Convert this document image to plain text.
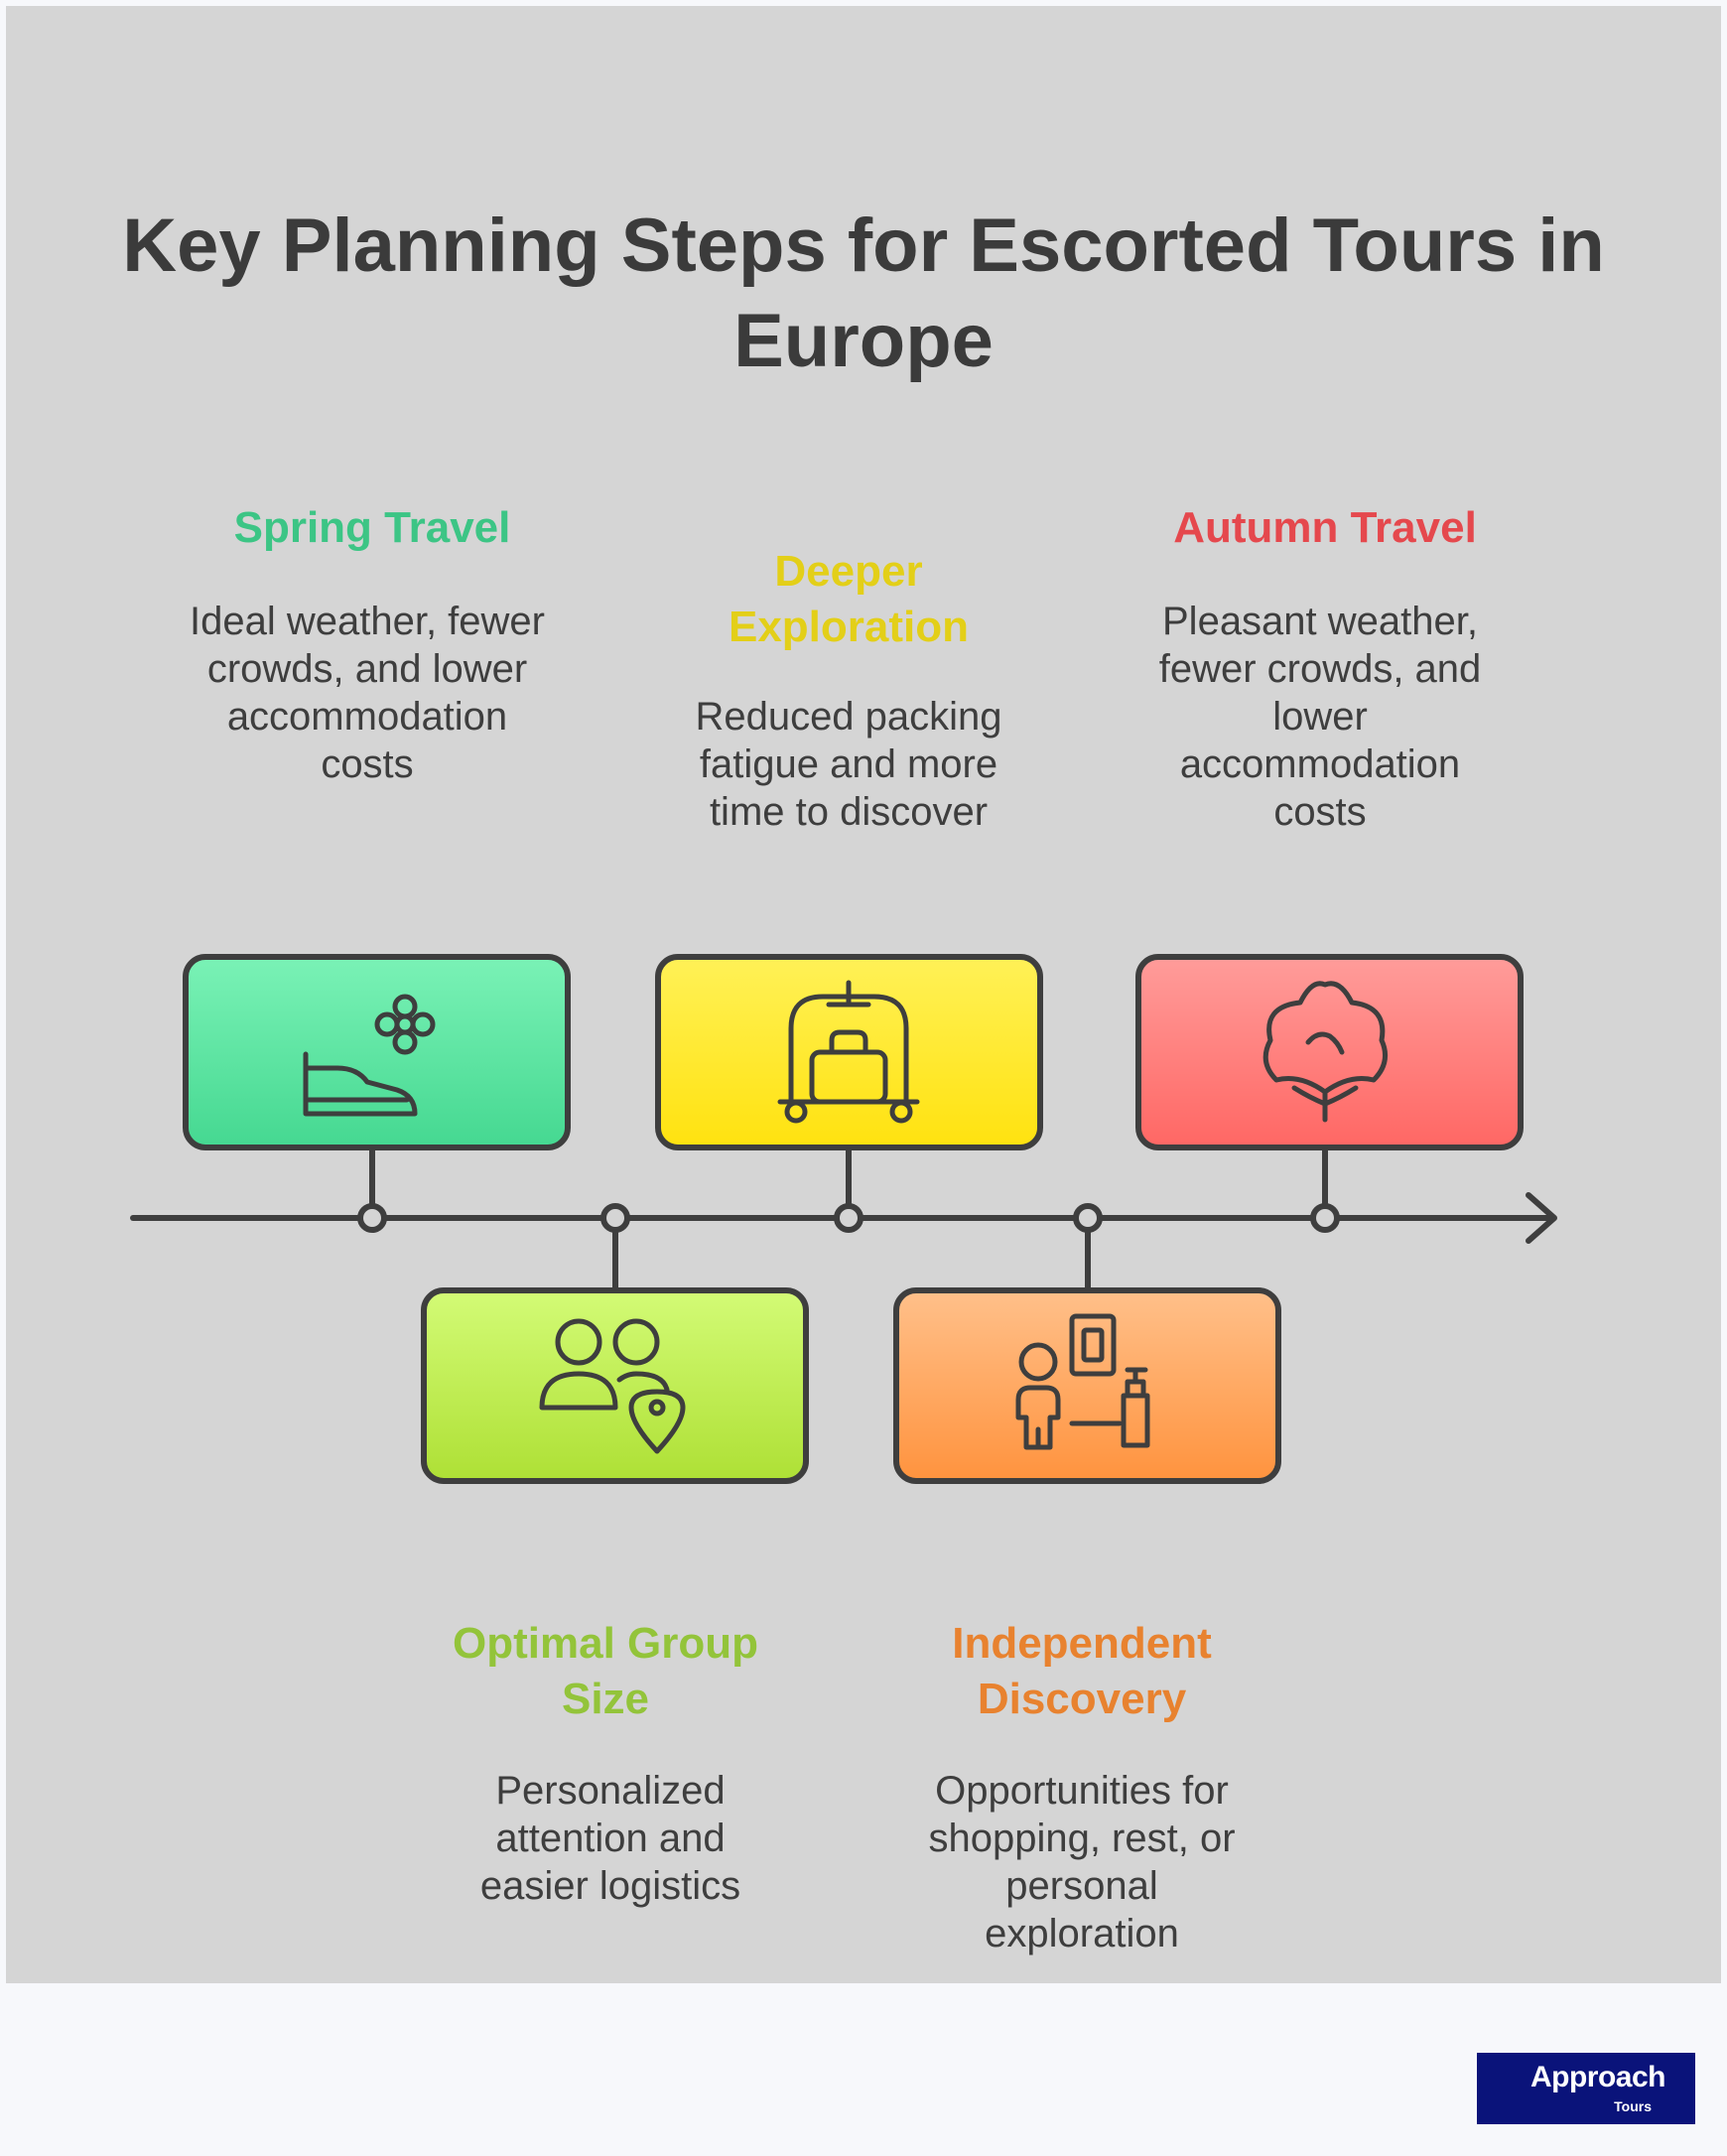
Key Planning Steps for Escorted Tours in Europe
Spring Travel
Ideal weather, fewer crowds, and lower accommodation costs
Deeper Exploration
Reduced packing fatigue and more time to discover
Autumn Travel
Pleasant weather, fewer crowds, and lower accommodation costs
Optimal Group Size
Personalized attention and easier logistics
Independent Discovery
Opportunities for shopping, rest, or personal exploration
Approach
Tours
